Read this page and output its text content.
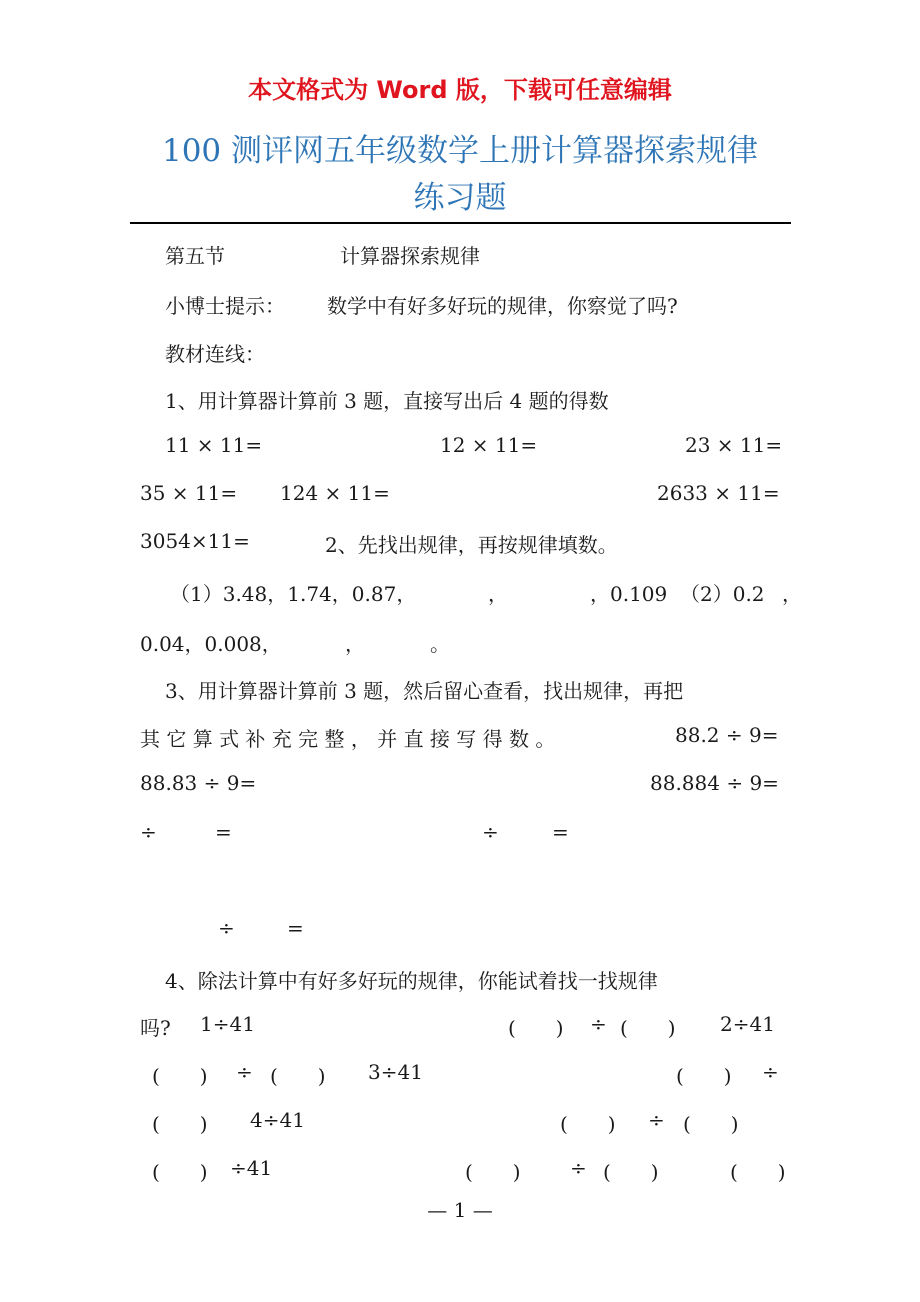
本文格式为 Word 版，下载可任意编辑
100 测评网五年级数学上册计算器探索规律
练习题
第五节	计算器探索规律
小博士提示： 数学中有好多好玩的规律，你察觉了吗?
教材连线：
1、用计算器计算前 3 题，直接写出后 4 题的得数
11 × 11=	12 × 11=	23 × 11=
35 × 11= 124 × 11=	2633 × 11=
3054×11=	2、先找出规律，再按规律填数。
（1）3.48，1.74，0.87，	，	，0.109 （2）0.2 ，
0.04，0.008，	，	。
3、用计算器计算前 3 题，然后留心查看，找出规律，再把
其 它 算 式 补 充 完 整 ， 并 直 接 写 得 数 。	88.2 ÷ 9=
88.83 ÷ 9=	88.884 ÷ 9=
÷	=	÷	=
÷	=
4、除法计算中有好多好玩的规律，你能试着找一找规律
吗? 1÷41	(　　) ÷ (　　) 2÷41
(　　) ÷ (　　) 3÷41	(　　) ÷
(　　) 4÷41	(　　) ÷ (　　)
(　　) ÷41	(　　) ÷ (　　)	(　　)
— 1 —
